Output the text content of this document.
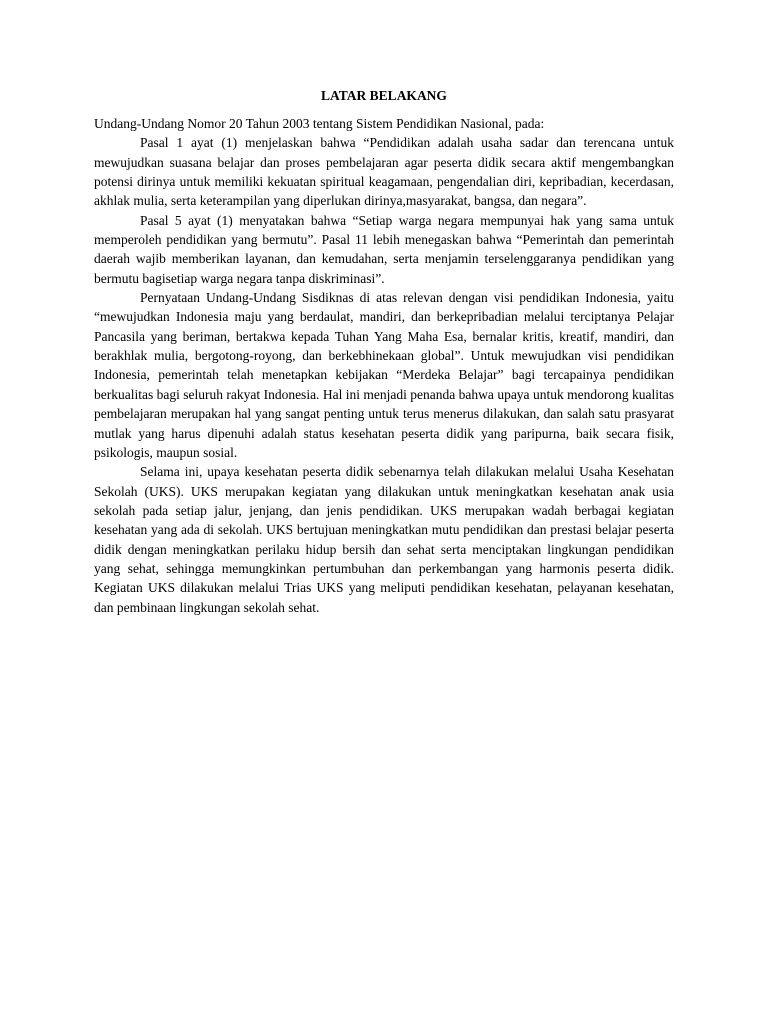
LATAR BELAKANG

Undang-Undang Nomor 20 Tahun 2003 tentang Sistem Pendidikan Nasional, pada:

Pasal 1 ayat (1) menjelaskan bahwa “Pendidikan adalah usaha sadar dan terencana untuk mewujudkan suasana belajar dan proses pembelajaran agar peserta didik secara aktif mengembangkan potensi dirinya untuk memiliki kekuatan spiritual keagamaan, pengendalian diri, kepribadian, kecerdasan, akhlak mulia, serta keterampilan yang diperlukan dirinya,masyarakat, bangsa, dan negara”.

Pasal 5 ayat (1) menyatakan bahwa “Setiap warga negara mempunyai hak yang sama untuk memperoleh pendidikan yang bermutu”. Pasal 11 lebih menegaskan bahwa “Pemerintah dan pemerintah daerah wajib memberikan layanan, dan kemudahan, serta menjamin terselenggaranya pendidikan yang bermutu bagisetiap warga negara tanpa diskriminasi”.

Pernyataan Undang-Undang Sisdiknas di atas relevan dengan visi pendidikan Indonesia, yaitu “mewujudkan Indonesia maju yang berdaulat, mandiri, dan berkepribadian melalui terciptanya Pelajar Pancasila yang beriman, bertakwa kepada Tuhan Yang Maha Esa, bernalar kritis, kreatif, mandiri, dan berakhlak mulia, bergotong-royong, dan berkebhinekaan global”. Untuk mewujudkan visi pendidikan Indonesia, pemerintah telah menetapkan kebijakan “Merdeka Belajar” bagi tercapainya pendidikan berkualitas bagi seluruh rakyat Indonesia. Hal ini menjadi penanda bahwa upaya untuk mendorong kualitas pembelajaran merupakan hal yang sangat penting untuk terus menerus dilakukan, dan salah satu prasyarat mutlak yang harus dipenuhi adalah status kesehatan peserta didik yang paripurna, baik secara fisik, psikologis, maupun sosial.

Selama ini, upaya kesehatan peserta didik sebenarnya telah dilakukan melalui Usaha Kesehatan Sekolah (UKS). UKS merupakan kegiatan yang dilakukan untuk meningkatkan kesehatan anak usia sekolah pada setiap jalur, jenjang, dan jenis pendidikan. UKS merupakan wadah berbagai kegiatan kesehatan yang ada di sekolah. UKS bertujuan meningkatkan mutu pendidikan dan prestasi belajar peserta didik dengan meningkatkan perilaku hidup bersih dan sehat serta menciptakan lingkungan pendidikan yang sehat, sehingga memungkinkan pertumbuhan dan perkembangan yang harmonis peserta didik. Kegiatan UKS dilakukan melalui Trias UKS yang meliputi pendidikan kesehatan, pelayanan kesehatan, dan pembinaan lingkungan sekolah sehat.
